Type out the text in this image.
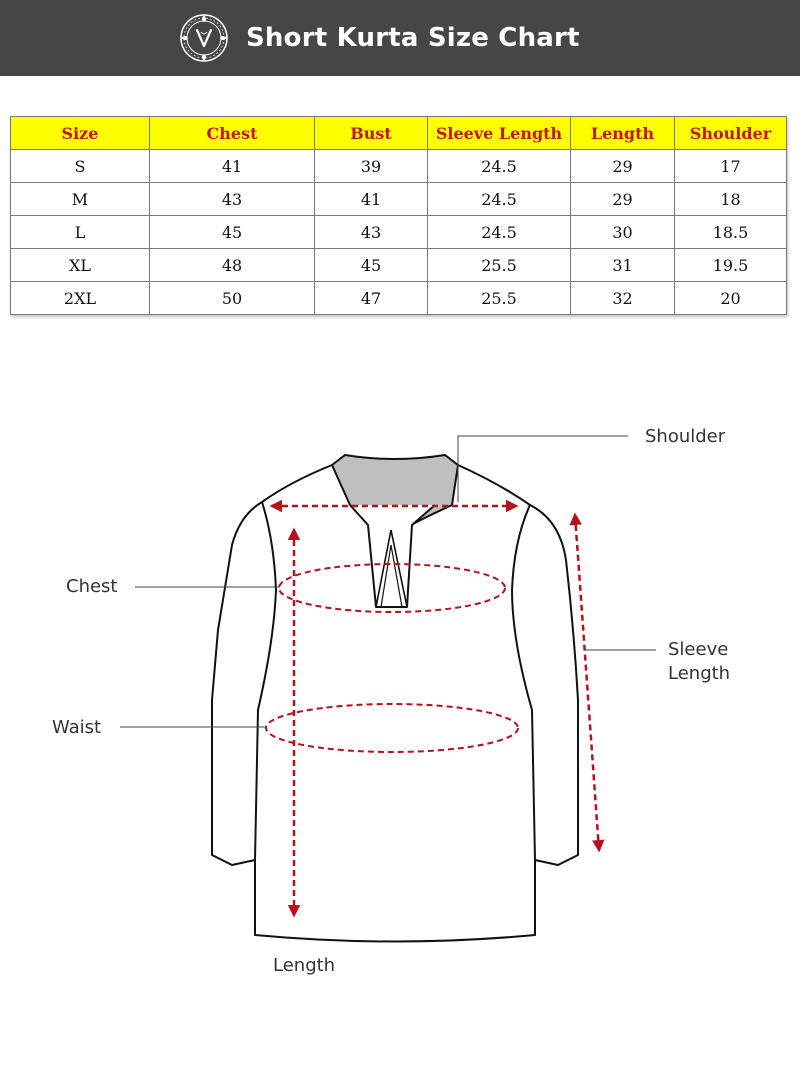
Short Kurta Size Chart
Size	Chest	Bust	Sleeve Length	Length	Shoulder
S	41	39	24.5	29	17
M	43	41	24.5	29	18
L	45	43	24.5	30	18.5
XL	48	45	25.5	31	19.5
2XL	50	47	25.5	32	20
Shoulder
Chest
Sleeve
Length
Waist
Length
